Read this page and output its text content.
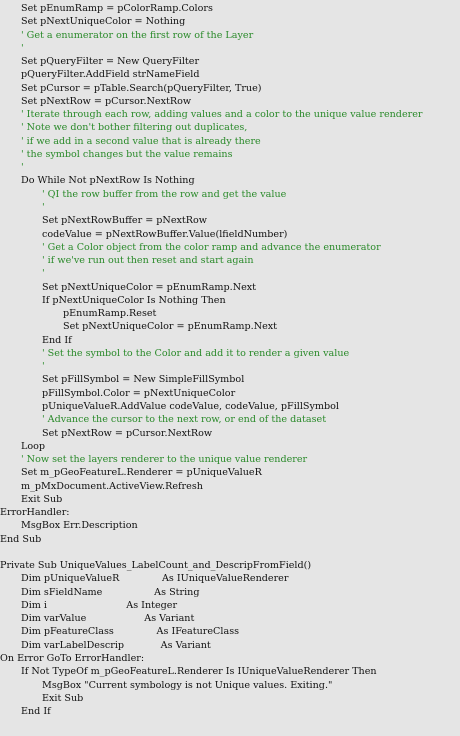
Set pEnumRamp = pColorRamp.Colors
Set pNextUniqueColor = Nothing
' Get a enumerator on the first row of the Layer
'
Set pQueryFilter = New QueryFilter
pQueryFilter.AddField strNameField
Set pCursor = pTable.Search(pQueryFilter, True)
Set pNextRow = pCursor.NextRow
' Iterate through each row, adding values and a color to the unique value renderer
' Note we don't bother filtering out duplicates,
' if we add in a second value that is already there
' the symbol changes but the value remains
'
Do While Not pNextRow Is Nothing
' QI the row buffer from the row and get the value
'
Set pNextRowBuffer = pNextRow
codeValue = pNextRowBuffer.Value(lfieldNumber)
' Get a Color object from the color ramp and advance the enumerator
' if we've run out then reset and start again
'
Set pNextUniqueColor = pEnumRamp.Next
If pNextUniqueColor Is Nothing Then
pEnumRamp.Reset
Set pNextUniqueColor = pEnumRamp.Next
End If
' Set the symbol to the Color and add it to render a given value
'
Set pFillSymbol = New SimpleFillSymbol
pFillSymbol.Color = pNextUniqueColor
pUniqueValueR.AddValue codeValue, codeValue, pFillSymbol
' Advance the cursor to the next row, or end of the dataset
Set pNextRow = pCursor.NextRow
Loop
' Now set the layers renderer to the unique value renderer
Set m_pGeoFeatureL.Renderer = pUniqueValueR
m_pMxDocument.ActiveView.Refresh
Exit Sub
ErrorHandler:
MsgBox Err.Description
End Sub
Private Sub UniqueValues_LabelCount_and_DescripFromField()
Dim pUniqueValueR              As IUniqueValueRenderer
Dim sFieldName                 As String
Dim i                          As Integer
Dim varValue                   As Variant
Dim pFeatureClass              As IFeatureClass
Dim varLabelDescrip            As Variant
On Error GoTo ErrorHandler:
If Not TypeOf m_pGeoFeatureL.Renderer Is IUniqueValueRenderer Then
MsgBox "Current symbology is not Unique values. Exiting."
Exit Sub
End If
